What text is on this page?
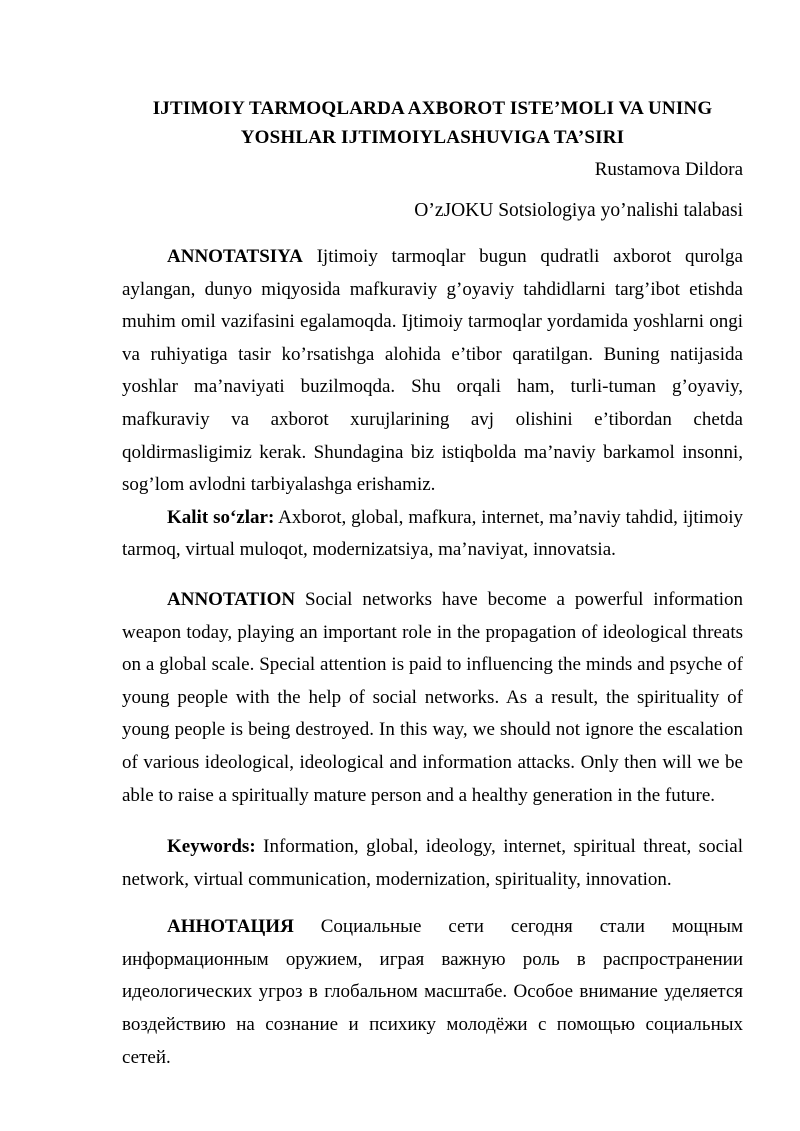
IJTIMOIY TARMOQLARDA AXBOROT ISTE’MOLI VA UNING YOSHLAR IJTIMOIYLASHUVIGA TA’SIRI
Rustamova Dildora
O’zJOKU Sotsiologiya yo’nalishi talabasi

ANNOTATSIYA Ijtimoiy tarmoqlar bugun qudratli axborot qurolga aylangan, dunyo miqyosida mafkuraviy g’oyaviy tahdidlarni targ’ibot etishda muhim omil vazifasini egalamoqda. Ijtimoiy tarmoqlar yordamida yoshlarni ongi va ruhiyatiga tasir ko’rsatishga alohida e’tibor qaratilgan. Buning natijasida yoshlar ma’naviyati buzilmoqda. Shu orqali ham, turli-tuman g’oyaviy, mafkuraviy va axborot xurujlarining avj olishini e’tibordan chetda qoldirmasligimiz kerak. Shundagina biz istiqbolda ma’naviy barkamol insonni, sog’lom avlodni tarbiyalashga erishamiz.

Kalit so‘zlar: Axborot, global, mafkura, internet, ma’naviy tahdid, ijtimoiy tarmoq, virtual muloqot, modernizatsiya, ma’naviyat, innovatsia.

ANNOTATION Social networks have become a powerful information weapon today, playing an important role in the propagation of ideological threats on a global scale. Special attention is paid to influencing the minds and psyche of young people with the help of social networks. As a result, the spirituality of young people is being destroyed. In this way, we should not ignore the escalation of various ideological, ideological and information attacks. Only then will we be able to raise a spiritually mature person and a healthy generation in the future.

Keywords: Information, global, ideology, internet, spiritual threat, social network, virtual communication, modernization, spirituality, innovation.

АННОТАЦИЯ Социальные сети сегодня стали мощным информационным оружием, играя важную роль в распространении идеологических угроз в глобальном масштабе. Особое внимание уделяется воздействию на сознание и психику молодёжи с помощью социальных сетей.
